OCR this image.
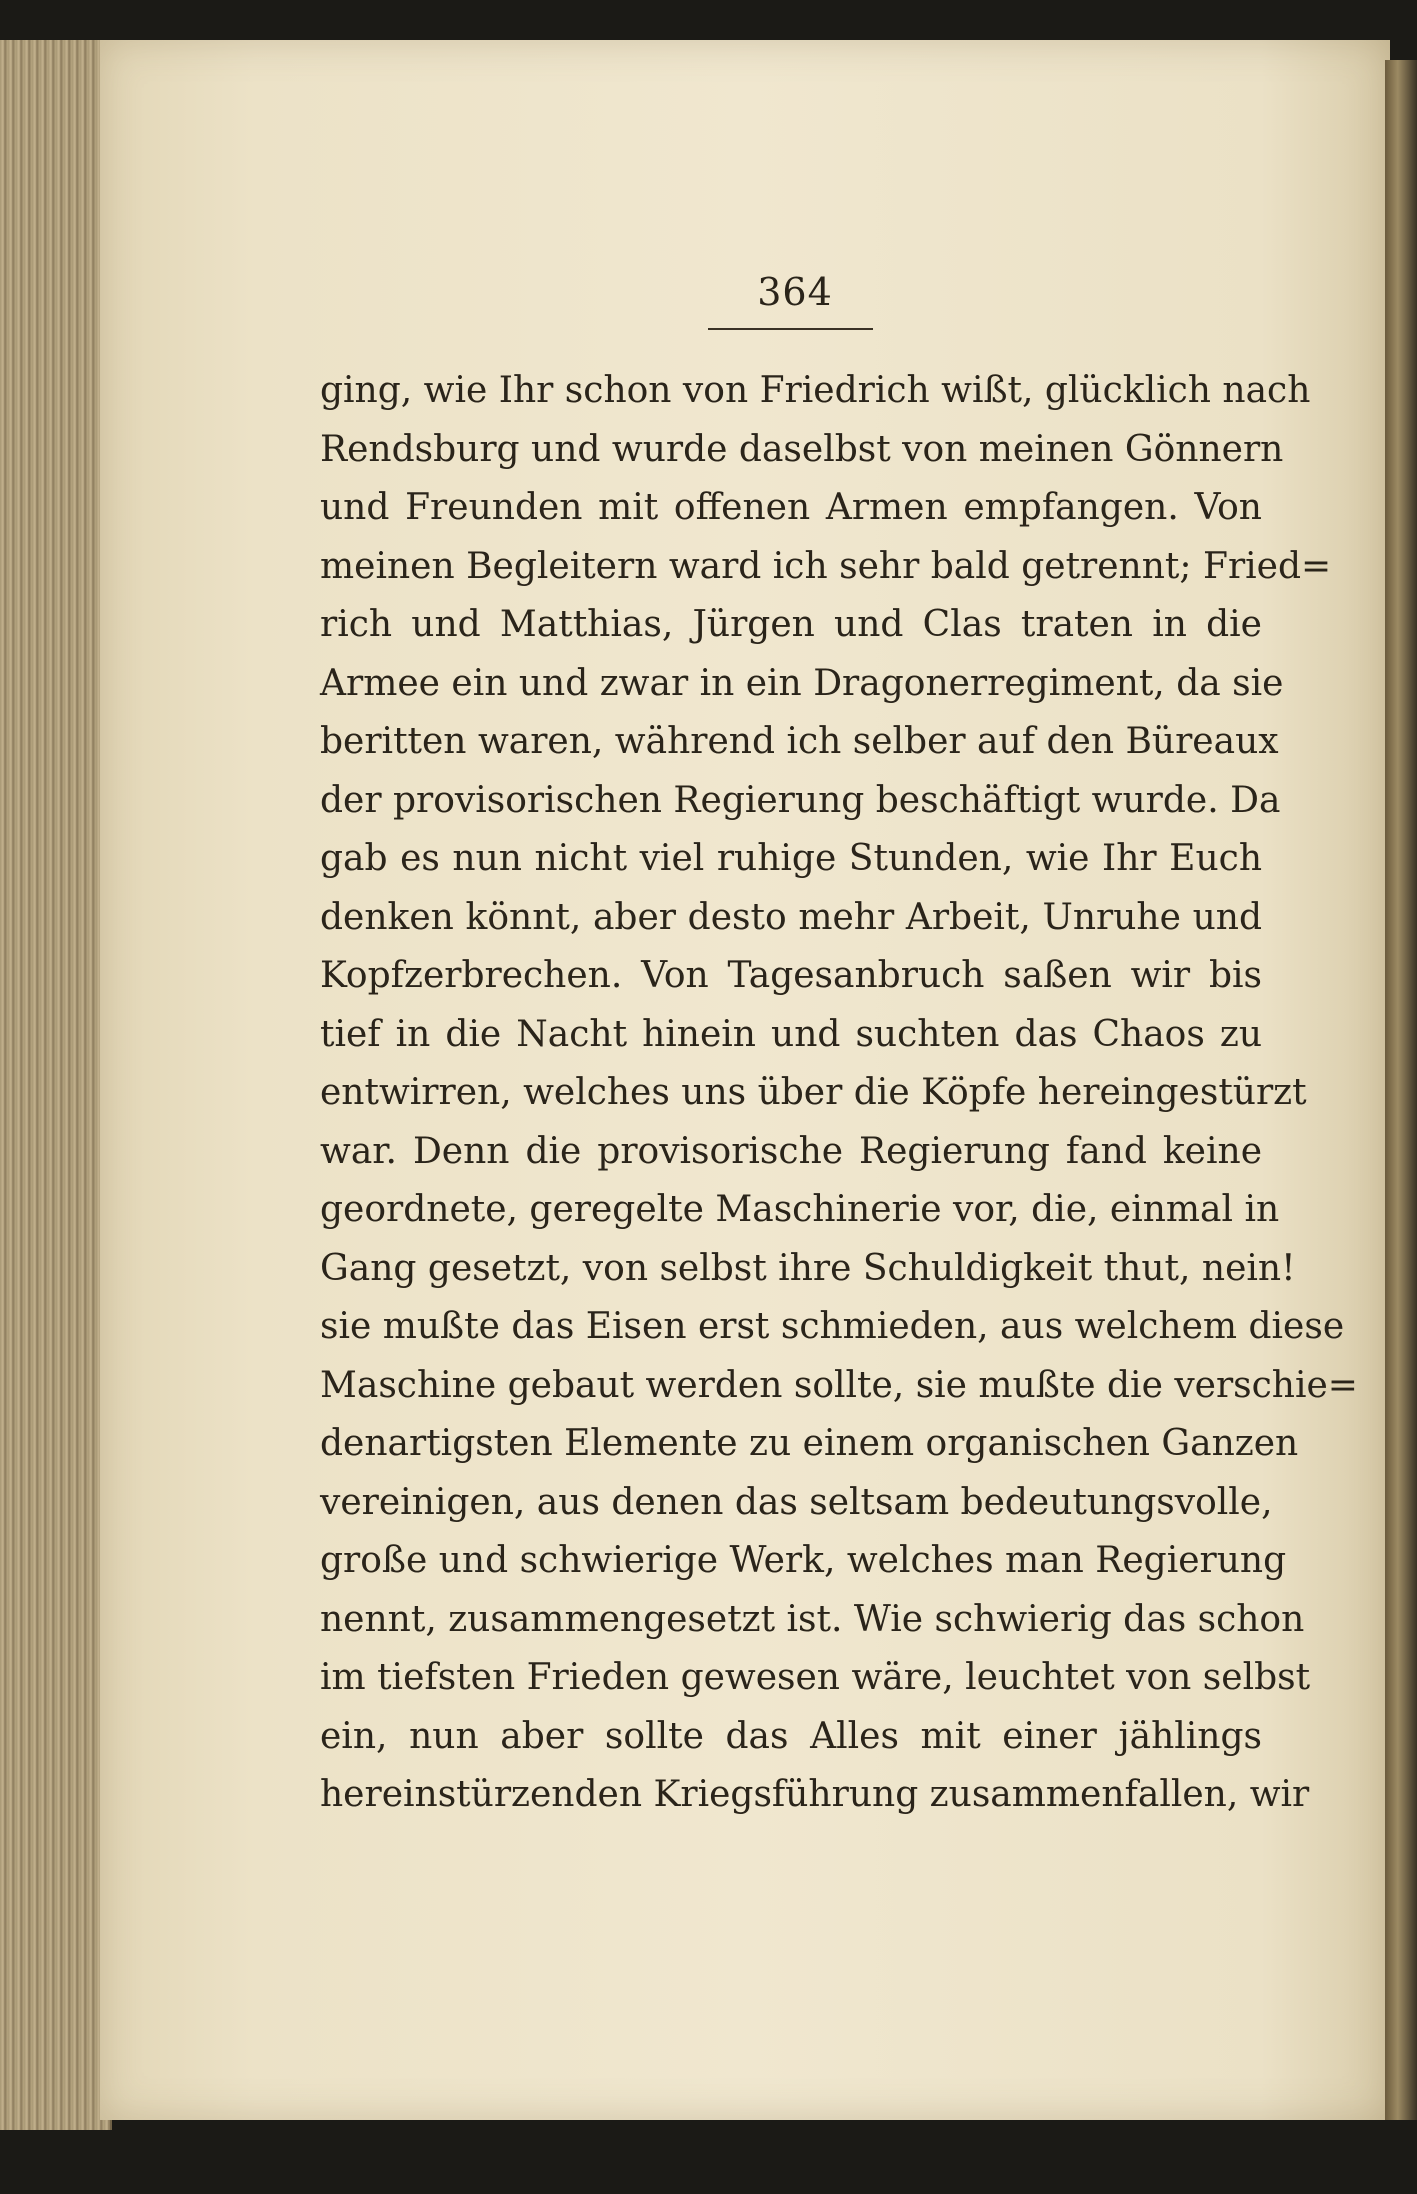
364
ging, wie Ihr schon von Friedrich wißt, glücklich nach
Rendsburg und wurde daselbst von meinen Gönnern
und Freunden mit offenen Armen empfangen. Von
meinen Begleitern ward ich sehr bald getrennt; Fried=
rich und Matthias, Jürgen und Clas traten in die
Armee ein und zwar in ein Dragonerregiment, da sie
beritten waren, während ich selber auf den Büreaux
der provisorischen Regierung beschäftigt wurde. Da
gab es nun nicht viel ruhige Stunden, wie Ihr Euch
denken könnt, aber desto mehr Arbeit, Unruhe und
Kopfzerbrechen. Von Tagesanbruch saßen wir bis
tief in die Nacht hinein und suchten das Chaos zu
entwirren, welches uns über die Köpfe hereingestürzt
war. Denn die provisorische Regierung fand keine
geordnete, geregelte Maschinerie vor, die, einmal in
Gang gesetzt, von selbst ihre Schuldigkeit thut, nein!
sie mußte das Eisen erst schmieden, aus welchem diese
Maschine gebaut werden sollte, sie mußte die verschie=
denartigsten Elemente zu einem organischen Ganzen
vereinigen, aus denen das seltsam bedeutungsvolle,
große und schwierige Werk, welches man Regierung
nennt, zusammengesetzt ist. Wie schwierig das schon
im tiefsten Frieden gewesen wäre, leuchtet von selbst
ein, nun aber sollte das Alles mit einer jählings
hereinstürzenden Kriegsführung zusammenfallen, wir
